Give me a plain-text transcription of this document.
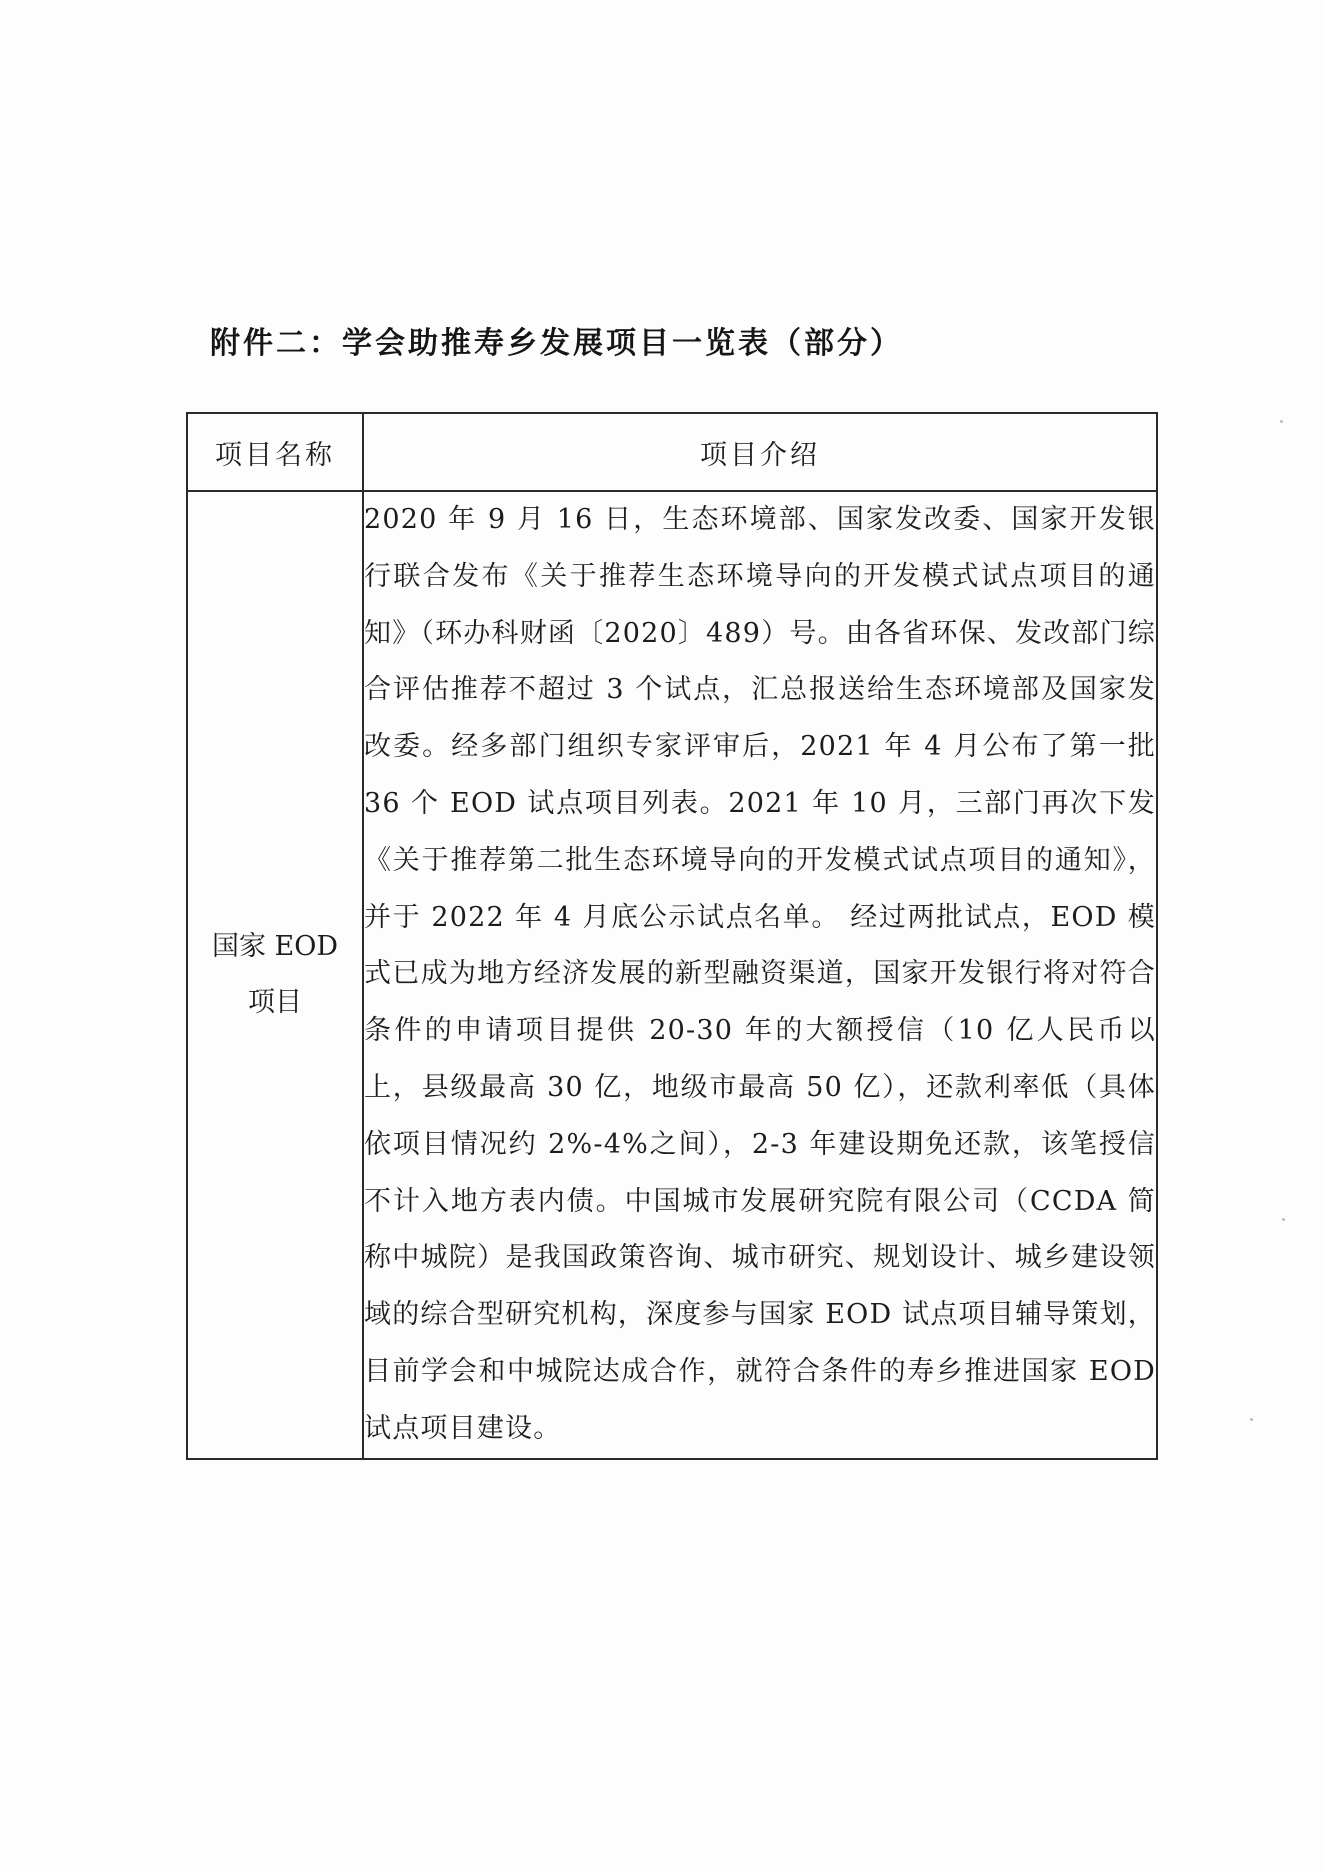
附件二：学会助推寿乡发展项目一览表（部分）
项目名称	项目介绍

国家 EOD
项目	2020 年 9 月 16 日，生态环境部、国家发改委、国家开发银行联合发布《关于推荐生态环境导向的开发模式试点项目的通知》（环办科财函〔2020〕489）号。由各省环保、发改部门综合评估推荐不超过 3 个试点，汇总报送给生态环境部及国家发改委。经多部门组织专家评审后，2021 年 4 月公布了第一批 36 个 EOD 试点项目列表。2021 年 10 月，三部门再次下发《关于推荐第二批生态环境导向的开发模式试点项目的通知》，并于 2022 年 4 月底公示试点名单。 经过两批试点，EOD 模式已成为地方经济发展的新型融资渠道，国家开发银行将对符合条件的申请项目提供 20-30 年的大额授信（10 亿人民币以上，县级最高 30 亿，地级市最高 50 亿），还款利率低（具体依项目情况约 2%-4%之间），2-3 年建设期免还款，该笔授信不计入地方表内债。中国城市发展研究院有限公司（CCDA 简称中城院）是我国政策咨询、城市研究、规划设计、城乡建设领域的综合型研究机构，深度参与国家 EOD 试点项目辅导策划，目前学会和中城院达成合作，就符合条件的寿乡推进国家 EOD 试点项目建设。
